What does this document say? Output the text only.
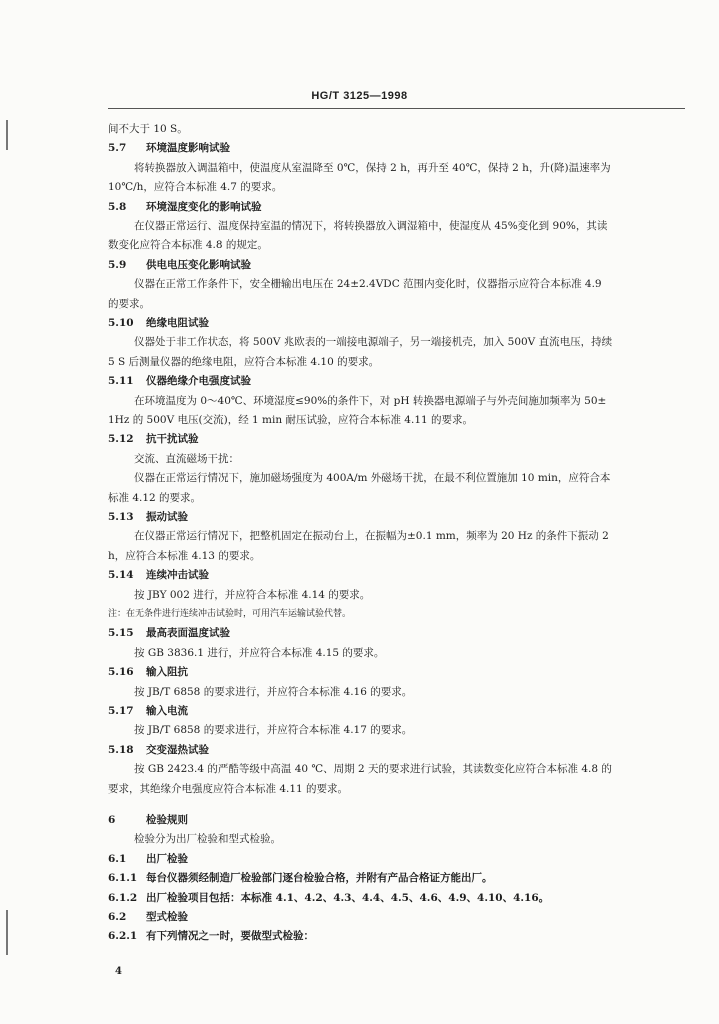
HG/T 3125—1998
间不大于 10 S。
5.7 环境温度影响试验
将转换器放入调温箱中，使温度从室温降至 0℃，保持 2 h，再升至 40℃，保持 2 h，升(降)温速率为
10℃/h，应符合本标准 4.7 的要求。
5.8 环境湿度变化的影响试验
在仪器正常运行、温度保持室温的情况下，将转换器放入调湿箱中，使湿度从 45%变化到 90%，其读
数变化应符合本标准 4.8 的规定。
5.9 供电电压变化影响试验
仪器在正常工作条件下，安全栅输出电压在 24±2.4VDC 范围内变化时，仪器指示应符合本标准 4.9
的要求。
5.10 绝缘电阻试验
仪器处于非工作状态，将 500V 兆欧表的一端接电源端子，另一端接机壳，加入 500V 直流电压，持续
5 S 后测量仪器的绝缘电阻，应符合本标准 4.10 的要求。
5.11 仪器绝缘介电强度试验
在环境温度为 0～40℃、环境湿度≤90%的条件下，对 pH 转换器电源端子与外壳间施加频率为 50±
1Hz 的 500V 电压(交流)，经 1 min 耐压试验，应符合本标准 4.11 的要求。
5.12 抗干扰试验
交流、直流磁场干扰：
仪器在正常运行情况下，施加磁场强度为 400A/m 外磁场干扰，在最不利位置施加 10 min，应符合本
标准 4.12 的要求。
5.13 振动试验
在仪器正常运行情况下，把整机固定在振动台上，在振幅为±0.1 mm，频率为 20 Hz 的条件下振动 2
h，应符合本标准 4.13 的要求。
5.14 连续冲击试验
按 JBY 002 进行，并应符合本标准 4.14 的要求。
注：在无条件进行连续冲击试验时，可用汽车运输试验代替。
5.15 最高表面温度试验
按 GB 3836.1 进行，并应符合本标准 4.15 的要求。
5.16 输入阻抗
按 JB/T 6858 的要求进行，并应符合本标准 4.16 的要求。
5.17 输入电流
按 JB/T 6858 的要求进行，并应符合本标准 4.17 的要求。
5.18 交变湿热试验
按 GB 2423.4 的严酷等级中高温 40 ℃、周期 2 天的要求进行试验，其读数变化应符合本标准 4.8 的
要求，其绝缘介电强度应符合本标准 4.11 的要求。
6	检验规则
检验分为出厂检验和型式检验。
6.1 出厂检验
6.1.1 每台仪器须经制造厂检验部门逐台检验合格，并附有产品合格证方能出厂。
6.1.2 出厂检验项目包括：本标准 4.1、4.2、4.3、4.4、4.5、4.6、4.9、4.10、4.16。
6.2 型式检验
6.2.1 有下列情况之一时，要做型式检验：
4
